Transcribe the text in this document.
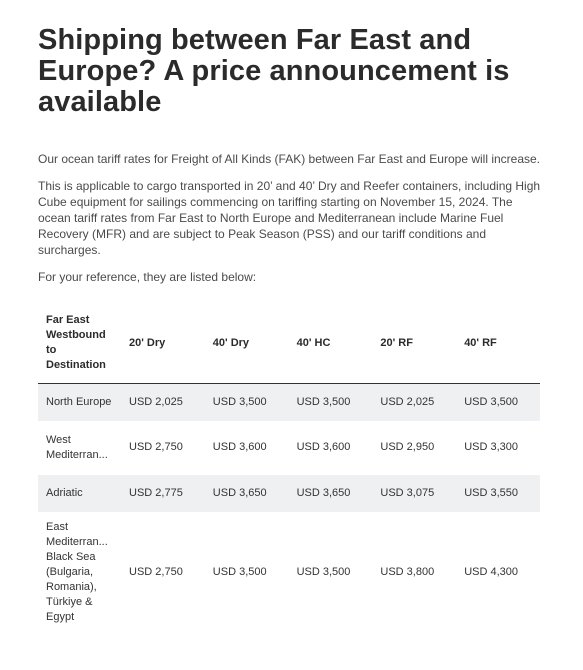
Shipping between Far East and Europe? A price announcement is available

Our ocean tariff rates for Freight of All Kinds (FAK) between Far East and Europe will increase.

This is applicable to cargo transported in 20’ and 40’ Dry and Reefer containers, including High Cube equipment for sailings commencing on tariffing starting on November 15, 2024. The ocean tariff rates from Far East to North Europe and Mediterranean include Marine Fuel Recovery (MFR) and are subject to Peak Season (PSS) and our tariff conditions and surcharges.

For your reference, they are listed below:

Far East Westbound to Destination	20' Dry	40' Dry	40' HC	20' RF	40' RF

North Europe	USD 2,025	USD 3,500	USD 3,500	USD 2,025	USD 3,500

West Mediterran...	USD 2,750	USD 3,600	USD 3,600	USD 2,950	USD 3,300

Adriatic	USD 2,775	USD 3,650	USD 3,650	USD 3,075	USD 3,550

East Mediterran... Black Sea (Bulgaria, Romania), Türkiye & Egypt	USD 2,750	USD 3,500	USD 3,500	USD 3,800	USD 4,300
